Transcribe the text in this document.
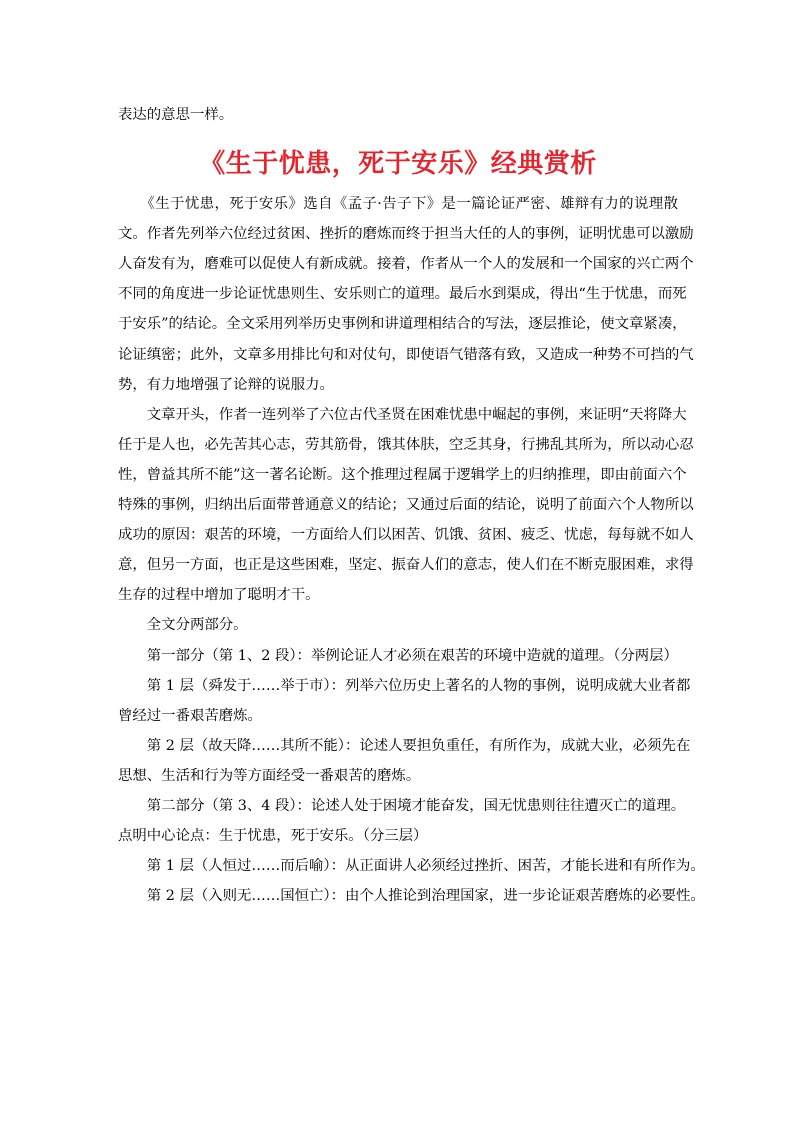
表达的意思一样。
《生于忧患，死于安乐》经典赏析
　　《生于忧患，死于安乐》选自《孟子·告子下》是一篇论证严密、雄辩有力的说理散
文。作者先列举六位经过贫困、挫折的磨炼而终于担当大任的人的事例，证明忧患可以激励
人奋发有为，磨难可以促使人有新成就。接着，作者从一个人的发展和一个国家的兴亡两个
不同的角度进一步论证忧患则生、安乐则亡的道理。最后水到渠成，得出“生于忧患，而死
于安乐”的结论。全文采用列举历史事例和讲道理相结合的写法，逐层推论，使文章紧凑，
论证缜密；此外，文章多用排比句和对仗句，即使语气错落有致，又造成一种势不可挡的气
势，有力地增强了论辩的说服力。
　　文章开头，作者一连列举了六位古代圣贤在困难忧患中崛起的事例，来证明“天将降大
任于是人也，必先苦其心志，劳其筋骨，饿其体肤，空乏其身，行拂乱其所为，所以动心忍
性，曾益其所不能”这一著名论断。这个推理过程属于逻辑学上的归纳推理，即由前面六个
特殊的事例，归纳出后面带普通意义的结论；又通过后面的结论，说明了前面六个人物所以
成功的原因：艰苦的环境，一方面给人们以困苦、饥饿、贫困、疲乏、忧虑，每每就不如人
意，但另一方面，也正是这些困难，坚定、振奋人们的意志，使人们在不断克服困难，求得
生存的过程中增加了聪明才干。
　　全文分两部分。
　　第一部分（第 1、2 段）：举例论证人才必须在艰苦的环境中造就的道理。（分两层）
　　第 1 层（舜发于……举于市）：列举六位历史上著名的人物的事例，说明成就大业者都
曾经过一番艰苦磨炼。
　　第 2 层（故天降……其所不能）：论述人要担负重任，有所作为，成就大业，必须先在
思想、生活和行为等方面经受一番艰苦的磨炼。
　　第二部分（第 3、4 段）：论述人处于困境才能奋发，国无忧患则往往遭灭亡的道理。
点明中心论点：生于忧患，死于安乐。（分三层）
　　第 1 层（人恒过……而后喻）：从正面讲人必须经过挫折、困苦，才能长进和有所作为。
　　第 2 层（入则无……国恒亡）：由个人推论到治理国家，进一步论证艰苦磨炼的必要性。
